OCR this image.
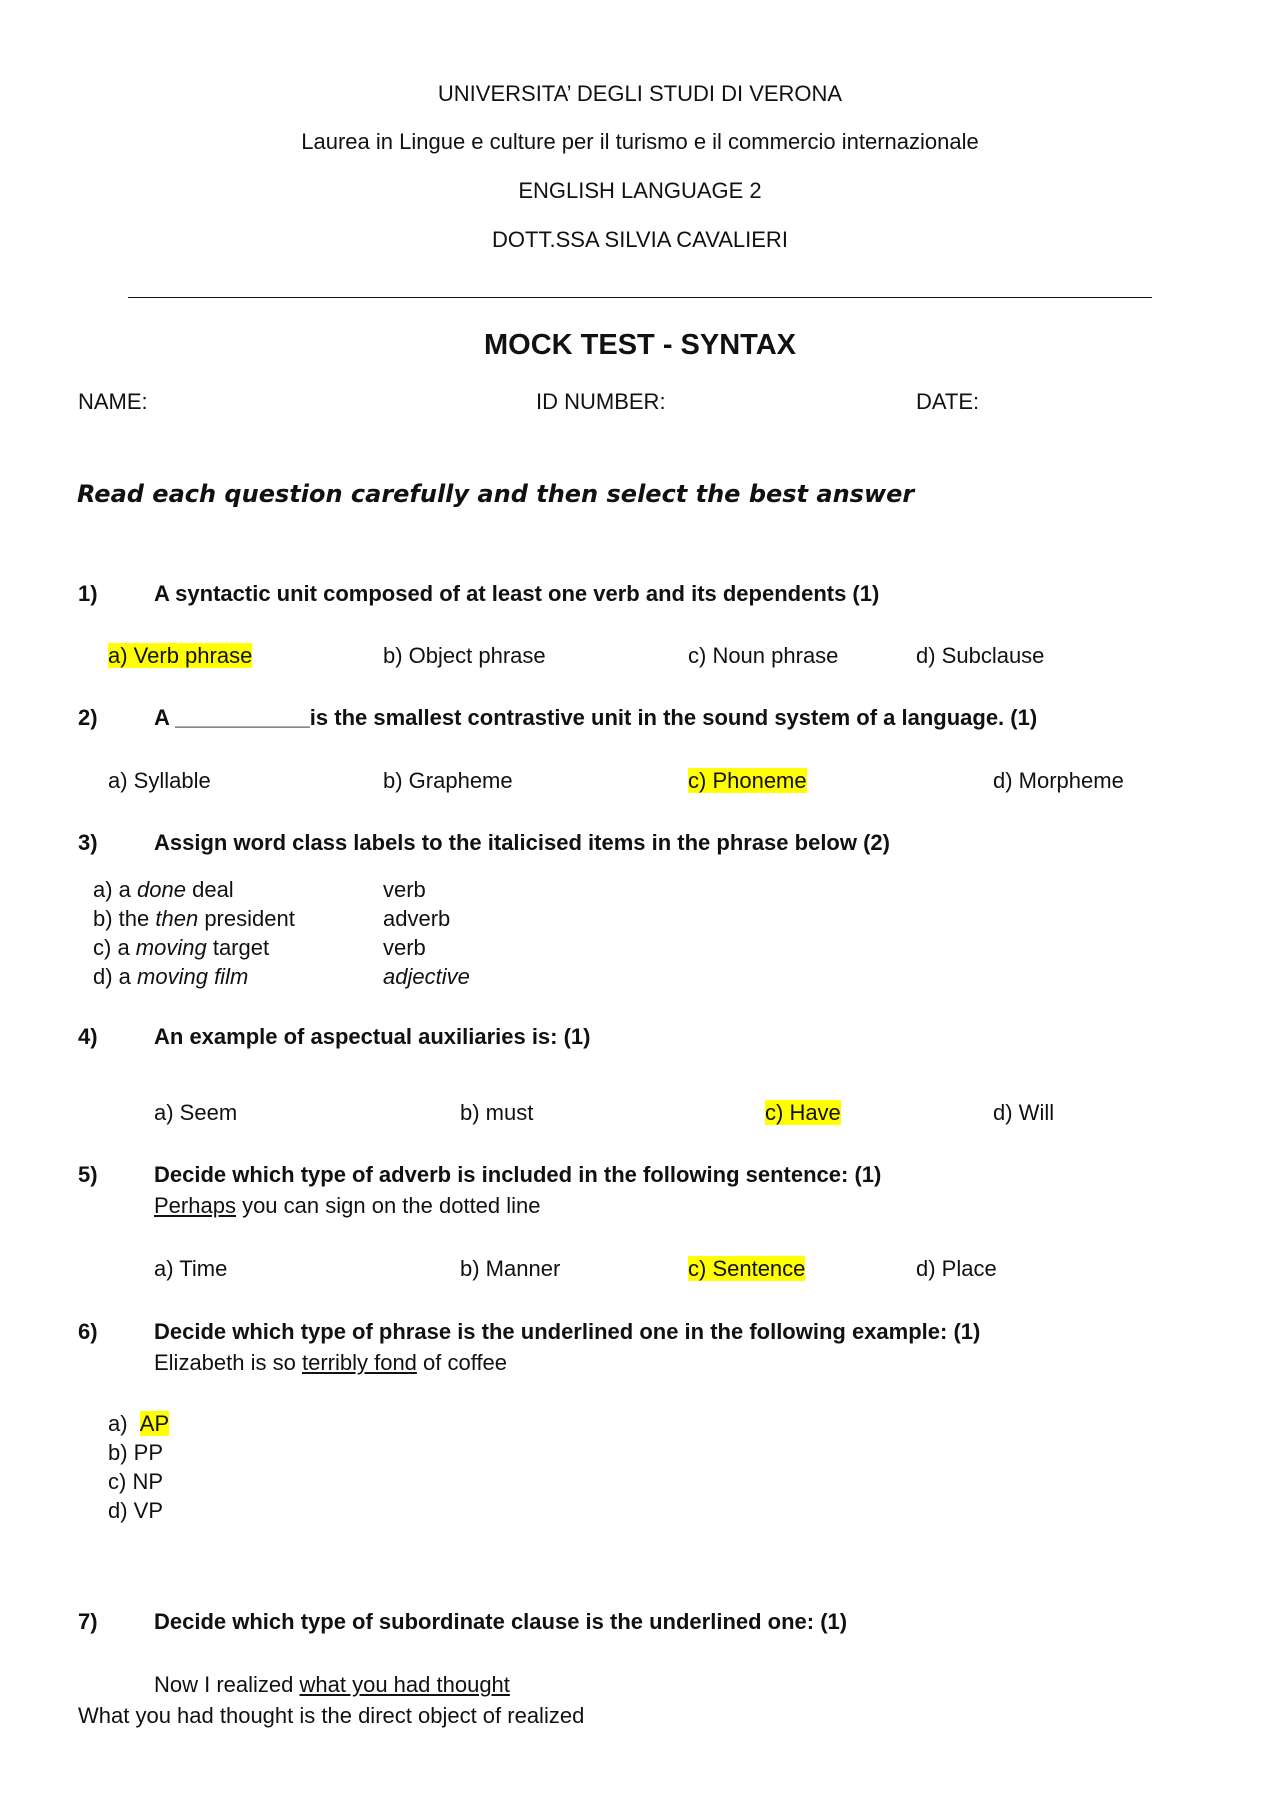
UNIVERSITA’ DEGLI STUDI DI VERONA
Laurea in Lingue e culture per il turismo e il commercio internazionale
ENGLISH LANGUAGE 2
DOTT.SSA SILVIA CAVALIERI
MOCK TEST - SYNTAX
NAME:	ID NUMBER:	DATE:
Read each question carefully and then select the best answer
1)	A syntactic unit composed of at least one verb and its dependents (1)
a) Verb phrase	b) Object phrase	c) Noun phrase	d) Subclause
2)	A ___________is the smallest contrastive unit in the sound system of a language. (1)
a) Syllable	b) Grapheme	c) Phoneme	d) Morpheme
3)	Assign word class labels to the italicised items in the phrase below (2)
a) a done deal	verb
b) the then president	adverb
c) a moving target	verb
d) a moving film	adjective
4)	An example of aspectual auxiliaries is: (1)
a) Seem	b) must	c) Have	d) Will
5)	Decide which type of adverb is included in the following sentence: (1)
Perhaps you can sign on the dotted line
a) Time	b) Manner	c) Sentence	d) Place
6)	Decide which type of phrase is the underlined one in the following example: (1)
Elizabeth is so terribly fond of coffee
a) AP
b) PP
c) NP
d) VP
7)	Decide which type of subordinate clause is the underlined one: (1)
Now I realized what you had thought
What you had thought is the direct object of realized
